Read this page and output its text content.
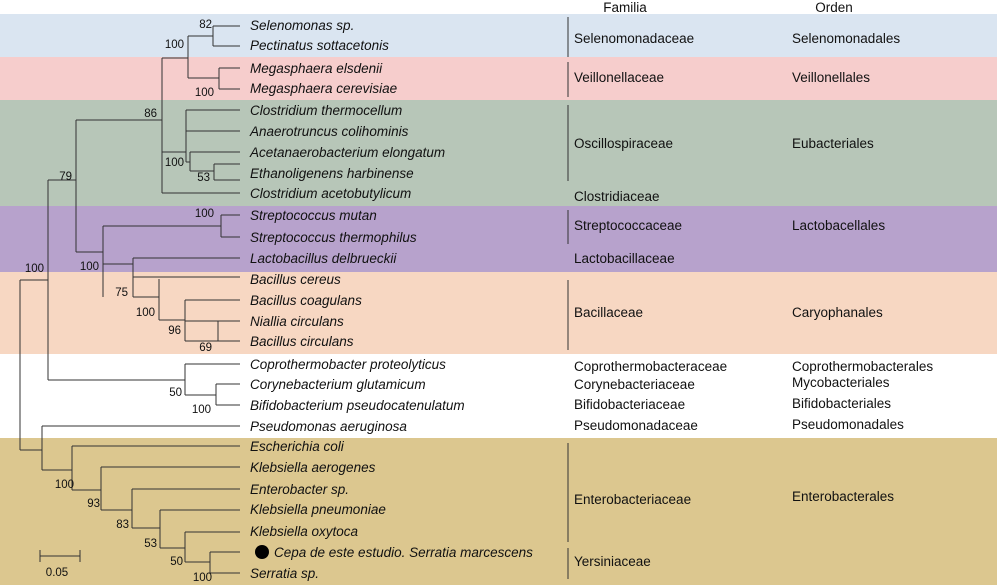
Familia	Orden
Selenomonas sp.
Pectinatus sottacetonis
Megasphaera elsdenii
Megasphaera cerevisiae
Clostridium thermocellum
Anaerotruncus colihominis
Acetanaerobacterium elongatum
Ethanoligenens harbinense
Clostridium acetobutylicum
Streptococcus mutan
Streptococcus thermophilus
Lactobacillus delbrueckii
Bacillus cereus
Bacillus coagulans
Niallia circulans
Bacillus circulans
Coprothermobacter proteolyticus
Corynebacterium glutamicum
Bifidobacterium pseudocatenulatum
Pseudomonas aeruginosa
Escherichia coli
Klebsiella aerogenes
Enterobacter sp.
Klebsiella pneumoniae
Klebsiella oxytoca
Cepa de este estudio. Serratia marcescens
Serratia sp.
82
100
100
86
79
100
53
100
100
75
100
96
69
50
100
100
100
93
83
53
50
100
Selenomonadaceae
Veillonellaceae
Oscillospiraceae
Clostridiaceae
Streptococcaceae
Lactobacillaceae
Bacillaceae
Coprothermobacteraceae
Corynebacteriaceae
Bifidobacteriaceae
Pseudomonadaceae
Enterobacteriaceae
Yersiniaceae
Selenomonadales
Veillonellales
Eubacteriales
Lactobacellales
Caryophanales
Coprothermobacterales
Mycobacteriales
Bifidobacteriales
Pseudomonadales
Enterobacterales
0.05
